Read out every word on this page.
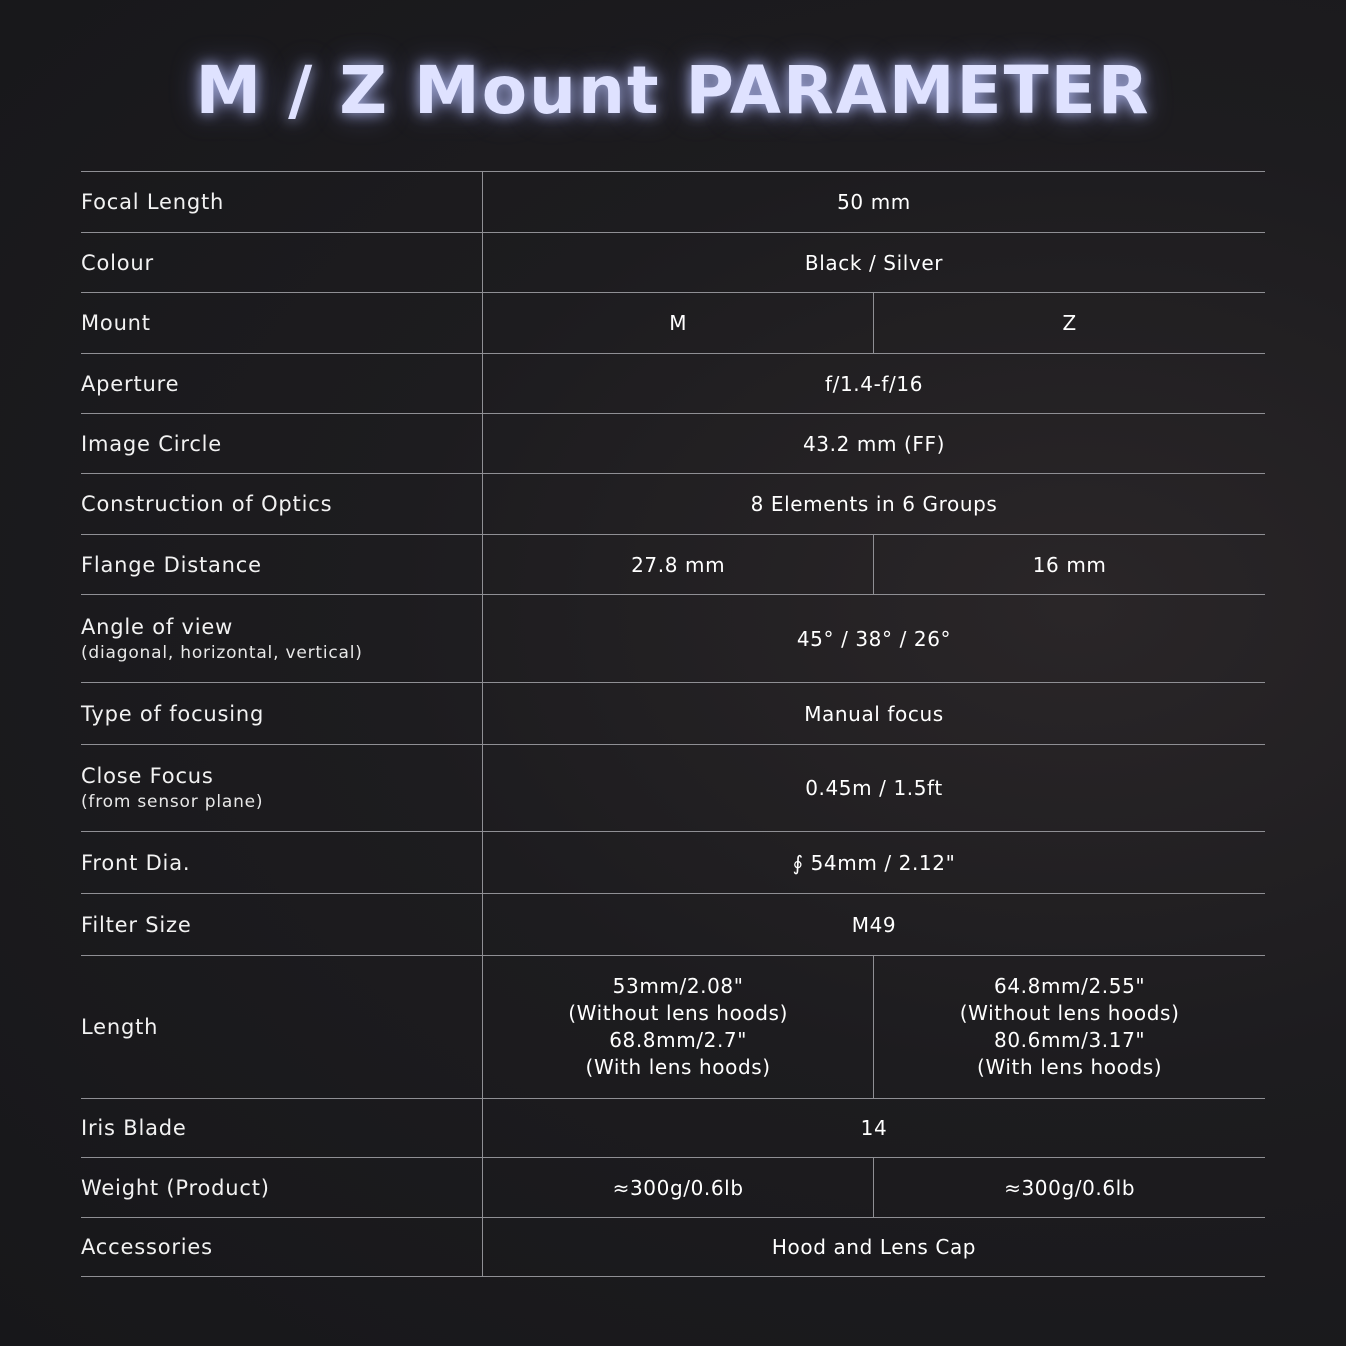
M / Z Mount PARAMETER
Focal Length	50 mm	
Colour	Black / Silver	
Mount	M	Z
Aperture	f/1.4-f/16	
Image Circle	43.2 mm (FF)	
Construction of Optics	8 Elements in 6 Groups	
Flange Distance	27.8 mm	16 mm
Angle of view
(diagonal, horizontal, vertical)	45° / 38° / 26°	
Type of focusing	Manual focus	
Close Focus
(from sensor plane)	0.45m / 1.5ft	
Front Dia.	∮ 54mm / 2.12"	
Filter Size	M49	
Length	53mm/2.08"
(Without lens hoods)
68.8mm/2.7"
(With lens hoods)	64.8mm/2.55"
(Without lens hoods)
80.6mm/3.17"
(With lens hoods)

Iris Blade	14	
Weight (Product)	≈300g/0.6lb	≈300g/0.6lb
Accessories	Hood and Lens Cap	
